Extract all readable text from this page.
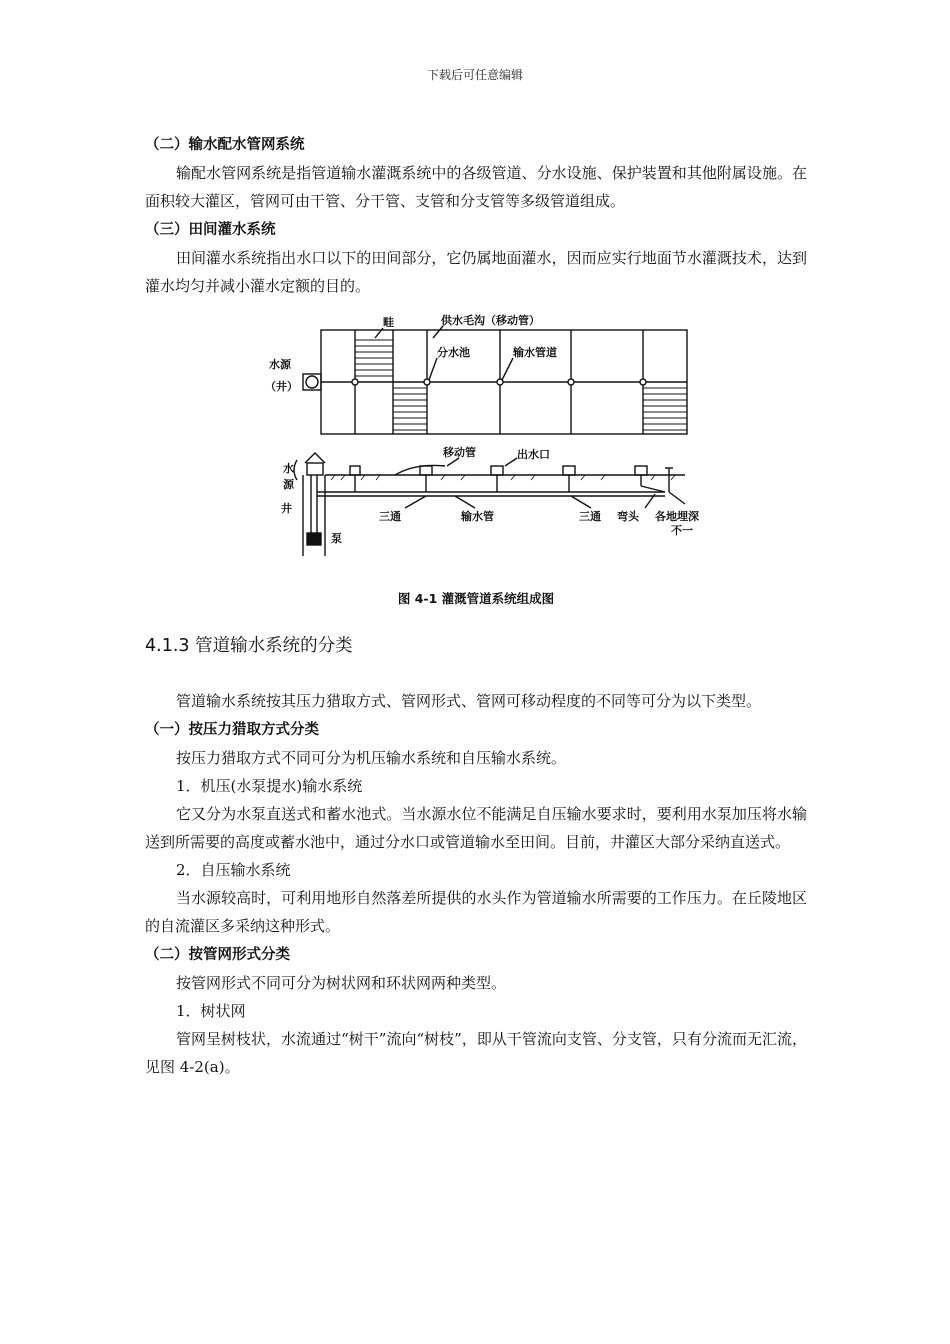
下载后可任意编辑

（二）输水配水管网系统

输配水管网系统是指管道输水灌溉系统中的各级管道、分水设施、保护装置和其他附属设施。在面积较大灌区，管网可由干管、分干管、支管和分支管等多级管道组成。

（三）田间灌水系统

田间灌水系统指出水口以下的田间部分，它仍属地面灌水，因而应实行地面节水灌溉技术，达到灌水均匀并减小灌水定额的目的。

畦	供水毛沟（移动管）
水源
（井）
分水池	输水管道
移动管	出水口
水
源
井
泵
三通	输水管	三通 弯头 各地埋深
不一

图 4-1 灌溉管道系统组成图

4.1.3 管道输水系统的分类

管道输水系统按其压力猎取方式、管网形式、管网可移动程度的不同等可分为以下类型。

（一）按压力猎取方式分类

按压力猎取方式不同可分为机压输水系统和自压输水系统。

1．机压(水泵提水)输水系统

它又分为水泵直送式和蓄水池式。当水源水位不能满足自压输水要求时，要利用水泵加压将水输送到所需要的高度或蓄水池中，通过分水口或管道输水至田间。目前，井灌区大部分采纳直送式。

2．自压输水系统

当水源较高时，可利用地形自然落差所提供的水头作为管道输水所需要的工作压力。在丘陵地区的自流灌区多采纳这种形式。

（二）按管网形式分类

按管网形式不同可分为树状网和环状网两种类型。

1．树状网

管网呈树枝状，水流通过“树干”流向“树枝”，即从干管流向支管、分支管，只有分流而无汇流，见图 4-2(a)。
